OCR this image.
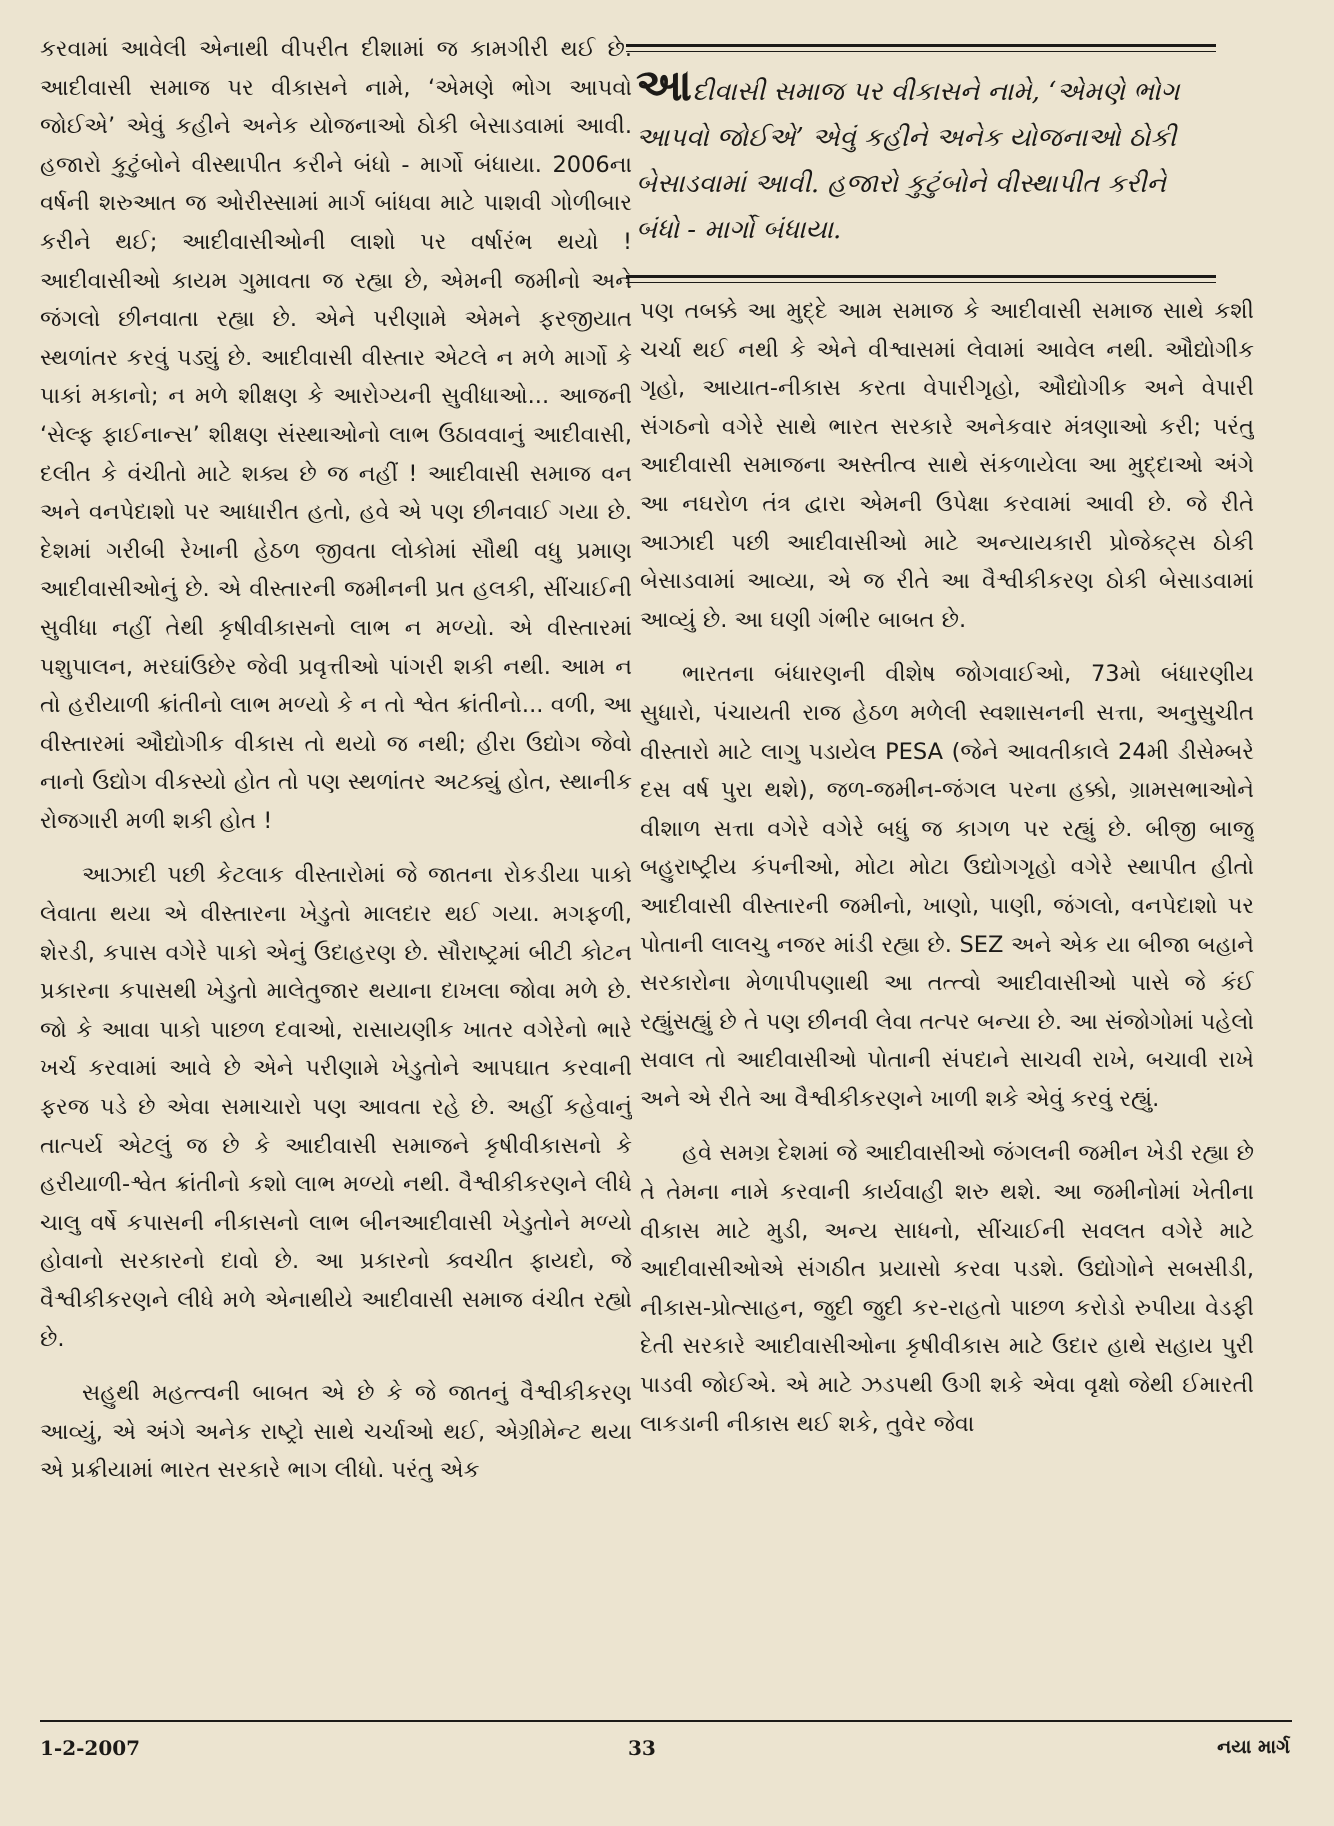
કરવામાં આવેલી એનાથી વીપરીત દીશામાં જ કામગીરી થઈ છે. આદીવાસી સમાજ પર વીકાસને નામે, ‘એમણે ભોગ આપવો જોઈએ’ એવું કહીને અનેક યોજનાઓ ઠોકી બેસાડવામાં આવી. હજારો કુટુંબોને વીસ્થાપીત કરીને બંધો - માર્ગો બંધાયા. 2006ના વર્ષની શરુઆત જ ઓરીસ્સામાં માર્ગ બાંધવા માટે પાશવી ગોળીબાર કરીને થઈ; આદીવાસીઓની લાશો પર વર્ષારંભ થયો ! આદીવાસીઓ કાયમ ગુમાવતા જ રહ્યા છે, એમની જમીનો અને જંગલો છીનવાતા રહ્યા છે. એને પરીણામે એમને ફરજીયાત સ્થળાંતર કરવું પડ્યું છે. આદીવાસી વીસ્તાર એટલે ન મળે માર્ગો કે પાકાં મકાનો; ન મળે શીક્ષણ કે આરોગ્યની સુવીધાઓ... આજની ‘સેલ્ફ ફાઈનાન્સ’ શીક્ષણ સંસ્થાઓનો લાભ ઉઠાવવાનું આદીવાસી, દલીત કે વંચીતો માટે શક્ય છે જ નહીં ! આદીવાસી સમાજ વન અને વનપેદાશો પર આધારીત હતો, હવે એ પણ છીનવાઈ ગયા છે. દેશમાં ગરીબી રેખાની હેઠળ જીવતા લોકોમાં સૌથી વધુ પ્રમાણ આદીવાસીઓનું છે. એ વીસ્તારની જમીનની પ્રત હલકી, સીંચાઈની સુવીધા નહીં તેથી કૃષીવીકાસનો લાભ ન મળ્યો. એ વીસ્તારમાં પશુપાલન, મરઘાંઉછેર જેવી પ્રવૃત્તીઓ પાંગરી શકી નથી. આમ ન તો હરીયાળી ક્રાંતીનો લાભ મળ્યો કે ન તો શ્વેત ક્રાંતીનો... વળી, આ વીસ્તારમાં ઔદ્યોગીક વીકાસ તો થયો જ નથી; હીરા ઉદ્યોગ જેવો નાનો ઉદ્યોગ વીકસ્યો હોત તો પણ સ્થળાંતર અટક્યું હોત, સ્થાનીક રોજગારી મળી શકી હોત !

આઝાદી પછી કેટલાક વીસ્તારોમાં જે જાતના રોકડીયા પાકો લેવાતા થયા એ વીસ્તારના ખેડુતો માલદાર થઈ ગયા. મગફળી, શેરડી, કપાસ વગેરે પાકો એનું ઉદાહરણ છે. સૌરાષ્ટ્રમાં બીટી કોટન પ્રકારના કપાસથી ખેડુતો માલેતુજાર થયાના દાખલા જોવા મળે છે. જો કે આવા પાકો પાછળ દવાઓ, રાસાયણીક ખાતર વગેરેનો ભારે ખર્ચ કરવામાં આવે છે એને પરીણામે ખેડુતોને આપઘાત કરવાની ફરજ પડે છે એવા સમાચારો પણ આવતા રહે છે. અહીં કહેવાનું તાત્પર્ય એટલું જ છે કે આદીવાસી સમાજને કૃષીવીકાસનો કે હરીયાળી-શ્વેત ક્રાંતીનો કશો લાભ મળ્યો નથી. વૈશ્વીકીકરણને લીધે ચાલુ વર્ષે કપાસની નીકાસનો લાભ બીનઆદીવાસી ખેડુતોને મળ્યો હોવાનો સરકારનો દાવો છે. આ પ્રકારનો ક્વચીત ફાયદો, જે વૈશ્વીકીકરણને લીધે મળે એનાથીયે આદીવાસી સમાજ વંચીત રહ્યો છે.

સહુથી મહત્ત્વની બાબત એ છે કે જે જાતનું વૈશ્વીકીકરણ આવ્યું, એ અંગે અનેક રાષ્ટ્રો સાથે ચર્ચાઓ થઈ, એગ્રીમેન્ટ થયા એ પ્રક્રીયામાં ભારત સરકારે ભાગ લીધો. પરંતુ એક

આદીવાસી સમાજ પર વીકાસને નામે, ‘એમણે ભોગ આપવો જોઈએ’ એવું કહીને અનેક યોજનાઓ ઠોકી બેસાડવામાં આવી. હજારો કુટુંબોને વીસ્થાપીત કરીને બંધો - માર્ગો બંધાયા.

પણ તબક્કે આ મુદ્દે આમ સમાજ કે આદીવાસી સમાજ સાથે કશી ચર્ચા થઈ નથી કે એને વીશ્વાસમાં લેવામાં આવેલ નથી. ઔદ્યોગીક ગૃહો, આયાત-નીકાસ કરતા વેપારીગૃહો, ઔદ્યોગીક અને વેપારી સંગઠનો વગેરે સાથે ભારત સરકારે અનેકવાર મંત્રણાઓ કરી; પરંતુ આદીવાસી સમાજના અસ્તીત્વ સાથે સંકળાયેલા આ મુદ્દાઓ અંગે આ નઘરોળ તંત્ર દ્વારા એમની ઉપેક્ષા કરવામાં આવી છે. જે રીતે આઝાદી પછી આદીવાસીઓ માટે અન્યાયકારી પ્રોજેક્ટ્સ ઠોકી બેસાડવામાં આવ્યા, એ જ રીતે આ વૈશ્વીકીકરણ ઠોકી બેસાડવામાં આવ્યું છે. આ ઘણી ગંભીર બાબત છે.

ભારતના બંધારણની વીશેષ જોગવાઈઓ, 73મો બંધારણીય સુધારો, પંચાયતી રાજ હેઠળ મળેલી સ્વશાસનની સત્તા, અનુસુચીત વીસ્તારો માટે લાગુ પડાયેલ PESA (જેને આવતીકાલે 24મી ડીસેમ્બરે દસ વર્ષ પુરા થશે), જળ-જમીન-જંગલ પરના હક્કો, ગ્રામસભાઓને વીશાળ સત્તા વગેરે વગેરે બધું જ કાગળ પર રહ્યું છે. બીજી બાજુ બહુરાષ્ટ્રીય કંપનીઓ, મોટા મોટા ઉદ્યોગગૃહો વગેરે સ્થાપીત હીતો આદીવાસી વીસ્તારની જમીનો, ખાણો, પાણી, જંગલો, વનપેદાશો પર પોતાની લાલચુ નજર માંડી રહ્યા છે. SEZ અને એક યા બીજા બહાને સરકારોના મેળાપીપણાથી આ તત્ત્વો આદીવાસીઓ પાસે જે કંઈ રહ્યુંસહ્યું છે તે પણ છીનવી લેવા તત્પર બન્યા છે. આ સંજોગોમાં પહેલો સવાલ તો આદીવાસીઓ પોતાની સંપદાને સાચવી રાખે, બચાવી રાખે અને એ રીતે આ વૈશ્વીકીકરણને ખાળી શકે એવું કરવું રહ્યું.

હવે સમગ્ર દેશમાં જે આદીવાસીઓ જંગલની જમીન ખેડી રહ્યા છે તે તેમના નામે કરવાની કાર્યવાહી શરુ થશે. આ જમીનોમાં ખેતીના વીકાસ માટે મુડી, અન્ય સાધનો, સીંચાઈની સવલત વગેરે માટે આદીવાસીઓએ સંગઠીત પ્રયાસો કરવા પડશે. ઉદ્યોગોને સબસીડી, નીકાસ-પ્રોત્સાહન, જુદી જુદી કર-રાહતો પાછળ કરોડો રુપીયા વેડફી દેતી સરકારે આદીવાસીઓના કૃષીવીકાસ માટે ઉદાર હાથે સહાય પુરી પાડવી જોઈએ. એ માટે ઝડપથી ઉગી શકે એવા વૃક્ષો જેથી ઈમારતી લાકડાની નીકાસ થઈ શકે, તુવેર જેવા

1-2-2007	33	નયા માર્ગ
